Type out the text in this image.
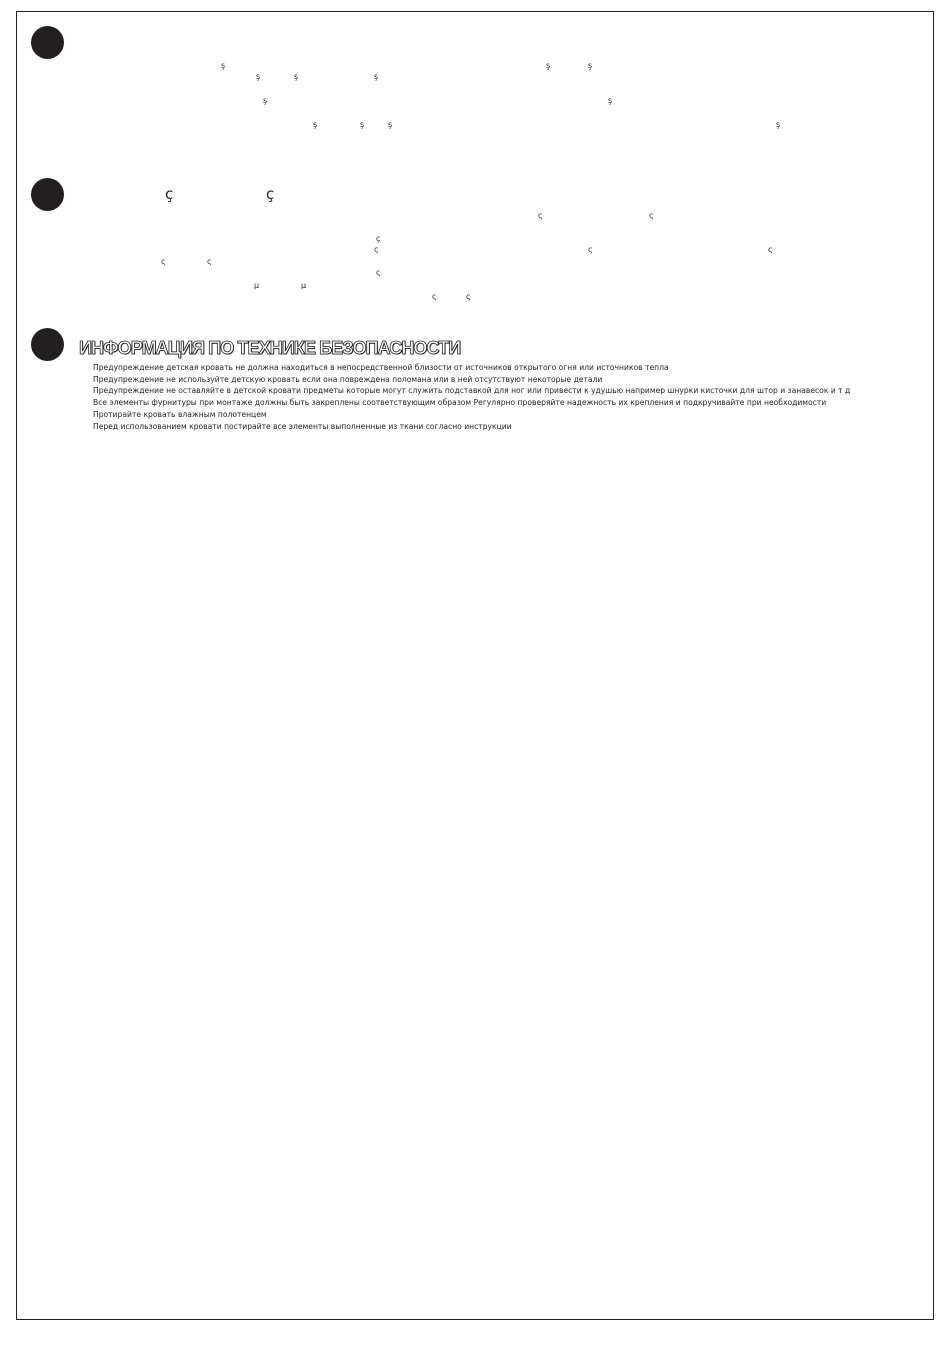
ş	ş	ş
ş	ş	ş
ş	ş
ş	ş	ş	ş
ç	ç
ς	ς
ç
ς	ς	ς
ς	ς
ς
µ	µ
ς	ς
ИНФОРМАЦИЯ ПО ТЕХНИКЕ БЕЗОПАСНОСТИ
Предупреждение детская кровать не должна находиться в непосредственной близости от источников открытого огня или источников тепла
Предупреждение не используйте детскую кровать если она повреждена поломана или в ней отсутствуют некоторые детали
Предупреждение не оставляйте в детской кровати предметы которые могут служить подставкой для ног или привести к удушью например шнурки кисточки для штор и занавесок и т д
Все элементы фурнитуры при монтаже должны быть закреплены соответствующим образом Регулярно проверяйте надежность их крепления и подкручивайте при необходимости
Протирайте кровать влажным полотенцем
Перед использованием кровати постирайте все элементы выполненные из ткани согласно инструкции
